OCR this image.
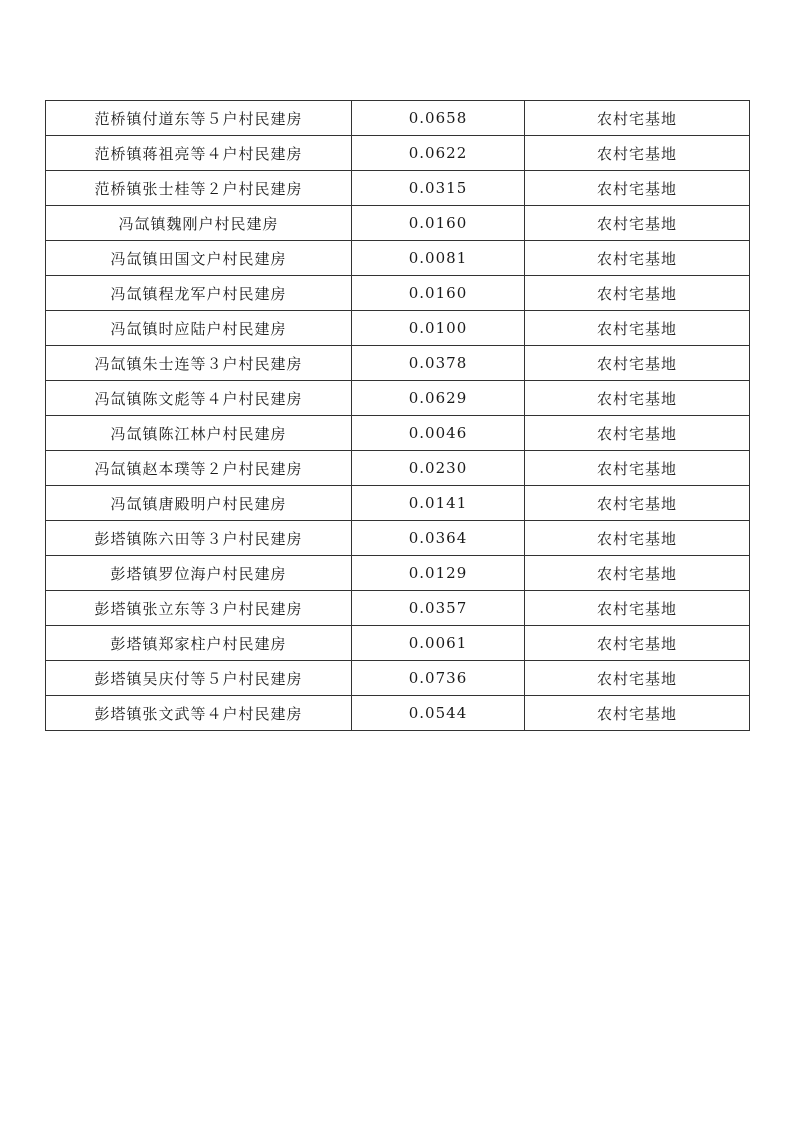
范桥镇付道东等５户村民建房	0.0658	农村宅基地
范桥镇蒋祖亮等４户村民建房	0.0622	农村宅基地
范桥镇张士桂等２户村民建房	0.0315	农村宅基地
冯氙镇魏刚户村民建房	0.0160	农村宅基地
冯氙镇田国文户村民建房	0.0081	农村宅基地
冯氙镇程龙军户村民建房	0.0160	农村宅基地
冯氙镇时应陆户村民建房	0.0100	农村宅基地
冯氙镇朱士连等３户村民建房	0.0378	农村宅基地
冯氙镇陈文彪等４户村民建房	0.0629	农村宅基地
冯氙镇陈江林户村民建房	0.0046	农村宅基地
冯氙镇赵本璞等２户村民建房	0.0230	农村宅基地
冯氙镇唐殿明户村民建房	0.0141	农村宅基地
彭塔镇陈六田等３户村民建房	0.0364	农村宅基地
彭塔镇罗位海户村民建房	0.0129	农村宅基地
彭塔镇张立东等３户村民建房	0.0357	农村宅基地
彭塔镇郑家柱户村民建房	0.0061	农村宅基地
彭塔镇吴庆付等５户村民建房	0.0736	农村宅基地
彭塔镇张文武等４户村民建房	0.0544	农村宅基地
